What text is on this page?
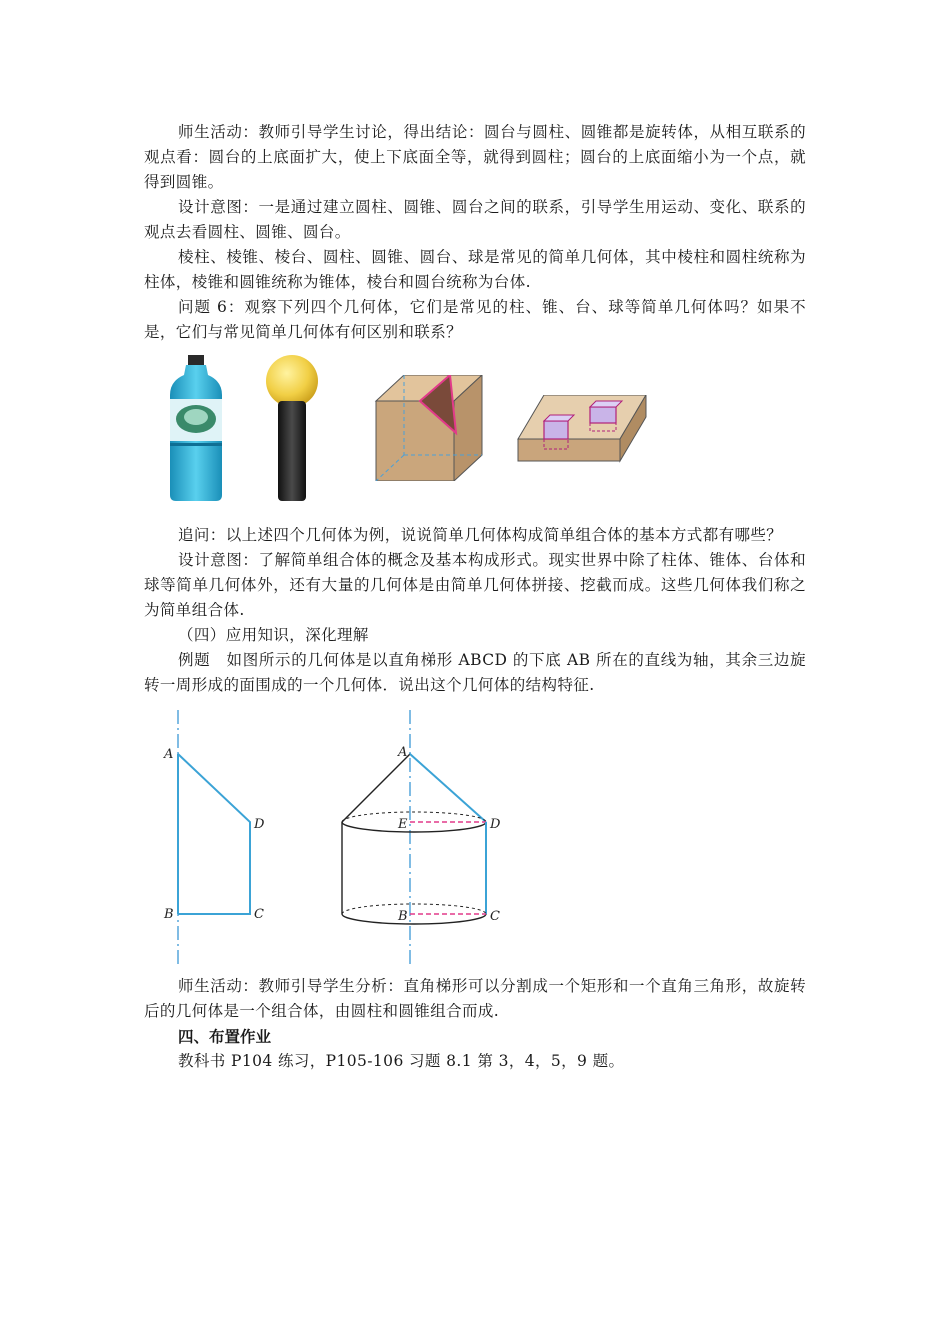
师生活动：教师引导学生讨论，得出结论：圆台与圆柱、圆锥都是旋转体，从相互联系的观点看：圆台的上底面扩大，使上下底面全等，就得到圆柱；圆台的上底面缩小为一个点，就得到圆锥。

设计意图：一是通过建立圆柱、圆锥、圆台之间的联系，引导学生用运动、变化、联系的观点去看圆柱、圆锥、圆台。

棱柱、棱锥、棱台、圆柱、圆锥、圆台、球是常见的简单几何体，其中棱柱和圆柱统称为柱体，棱锥和圆锥统称为锥体，棱台和圆台统称为台体.

问题 6：观察下列四个几何体，它们是常见的柱、锥、台、球等简单几何体吗？如果不是，它们与常见简单几何体有何区别和联系？

追问：以上述四个几何体为例，说说简单几何体构成简单组合体的基本方式都有哪些？

设计意图：了解简单组合体的概念及基本构成形式。现实世界中除了柱体、锥体、台体和球等简单几何体外，还有大量的几何体是由简单几何体拼接、挖截而成。这些几何体我们称之为简单组合体.

（四）应用知识，深化理解

例题　如图所示的几何体是以直角梯形 ABCD 的下底 AB 所在的直线为轴，其余三边旋转一周形成的面围成的一个几何体．说出这个几何体的结构特征.

A
D
B	C
A
E	D
B	C

师生活动：教师引导学生分析：直角梯形可以分割成一个矩形和一个直角三角形，故旋转后的几何体是一个组合体，由圆柱和圆锥组合而成.

四、布置作业

教科书 P104 练习，P105-106 习题 8.1 第 3，4，5，9 题。
